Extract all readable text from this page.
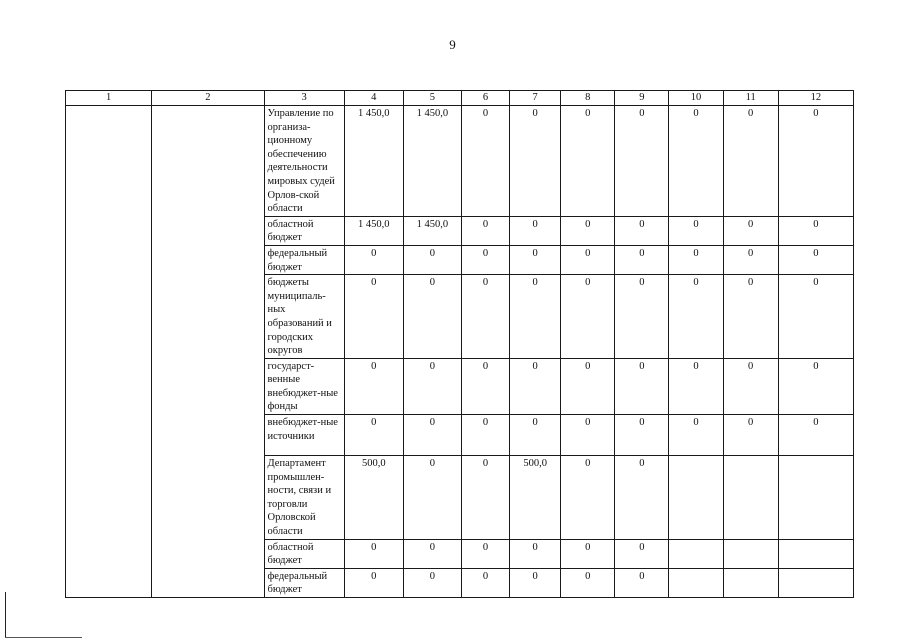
9
1	2	3	4	5	6	7	8	9	10	11	12
		Управление по организа-ционному обеспечению деятельности мировых судей Орлов-ской области	1 450,0	1 450,0	0	0	0	0	0	0	0
		областной бюджет	1 450,0	1 450,0	0	0	0	0	0	0	0
		федеральный бюджет	0	0	0	0	0	0	0	0	0
		бюджеты муниципаль-ных образований и городских округов	0	0	0	0	0	0	0	0	0
		государст-венные внебюджет-ные фонды	0	0	0	0	0	0	0	0	0
		внебюджет-ные источники	0	0	0	0	0	0	0	0	0
		Департамент промышлен-ности, связи и торговли Орловской области	500,0	0	0	500,0	0	0			
		областной бюджет	0	0	0	0	0	0			
		федеральный бюджет	0	0	0	0	0	0			
